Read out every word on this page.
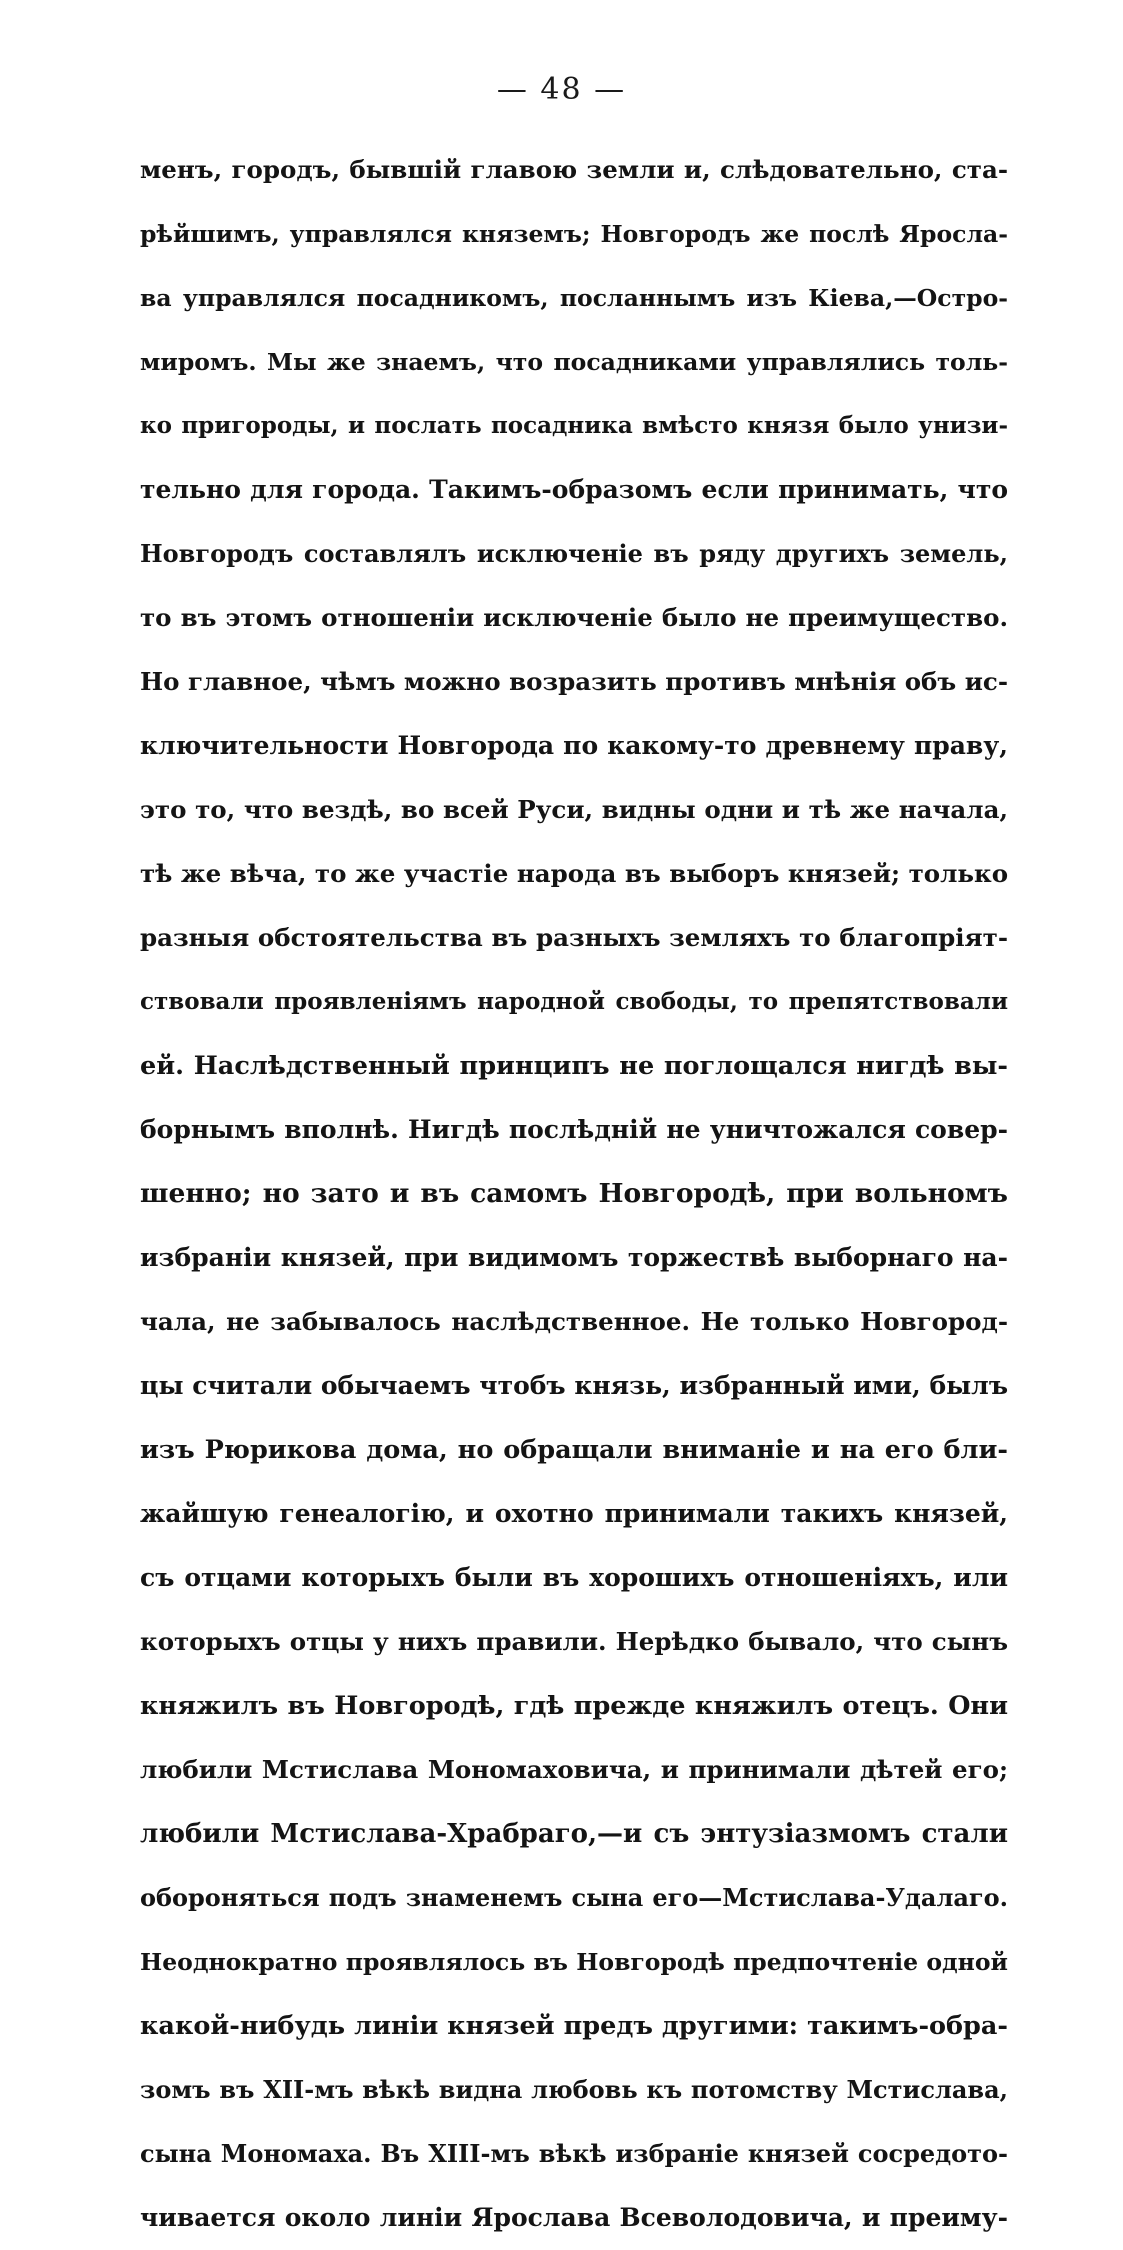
— 48 —
менъ, городъ, бывшій главою земли и, слѣдовательно, ста-
рѣйшимъ, управлялся княземъ; Новгородъ же послѣ Яросла-
ва управлялся посадникомъ, посланнымъ изъ Кіева,—Остро-
миромъ. Мы же знаемъ, что посадниками управлялись толь-
ко пригороды, и послать посадника вмѣсто князя было унизи-
тельно для города. Такимъ-образомъ если принимать, что
Новгородъ составлялъ исключеніе въ ряду другихъ земель,
то въ этомъ отношеніи исключеніе было не преимущество.
Но главное, чѣмъ можно возразить противъ мнѣнія объ ис-
ключительности Новгорода по какому-то древнему праву,
это то, что вездѣ, во всей Руси, видны одни и тѣ же начала,
тѣ же вѣча, то же участіе народа въ выборъ князей; только
разныя обстоятельства въ разныхъ земляхъ то благопріят-
ствовали проявленіямъ народной свободы, то препятствовали
ей. Наслѣдственный принципъ не поглощался нигдѣ вы-
борнымъ вполнѣ. Нигдѣ послѣдній не уничтожался совер-
шенно; но зато и въ самомъ Новгородѣ, при вольномъ
избраніи князей, при видимомъ торжествѣ выборнаго на-
чала, не забывалось наслѣдственное. Не только Новгород-
цы считали обычаемъ чтобъ князь, избранный ими, былъ
изъ Рюрикова дома, но обращали вниманіе и на его бли-
жайшую генеалогію, и охотно принимали такихъ князей,
съ отцами которыхъ были въ хорошихъ отношеніяхъ, или
которыхъ отцы у нихъ правили. Нерѣдко бывало, что сынъ
княжилъ въ Новгородѣ, гдѣ прежде княжилъ отецъ. Они
любили Мстислава Мономаховича, и принимали дѣтей его;
любили Мстислава-Храбраго,—и съ энтузіазмомъ стали
обороняться подъ знаменемъ сына его—Мстислава-Удалаго.
Неоднократно проявлялось въ Новгородѣ предпочтеніе одной
какой-нибудь линіи князей предъ другими: такимъ-обра-
зомъ въ XII-мъ вѣкѣ видна любовь къ потомству Мстислава,
сына Мономаха. Въ XIII-мъ вѣкѣ избраніе князей сосредото-
чивается около линіи Ярослава Всеволодовича, и преиму-
